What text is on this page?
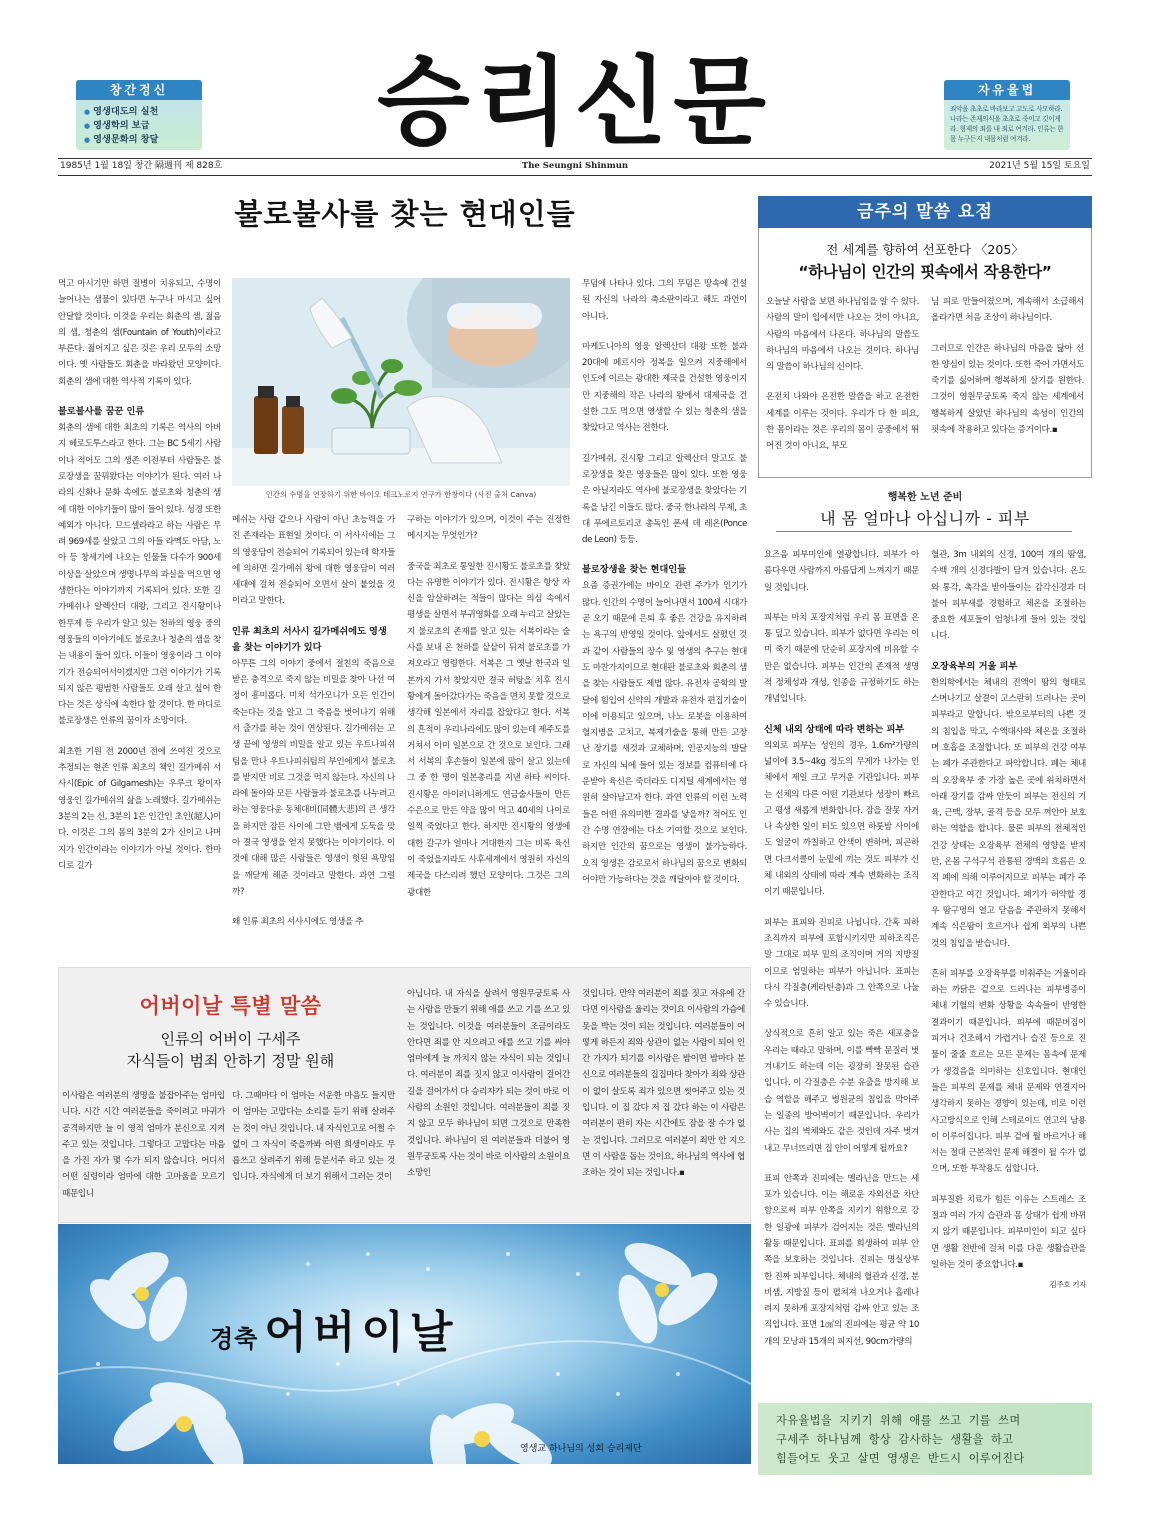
창간정신
● 영생대도의 실천
● 영생학의 보급
● 영생문화의 창달	승리신문	자유율법

죄악을 초초로 바라보고 고도로 사모하라. 나라는 존재의식을 초초로 죽이고 깃이게 라. 형제의 죄를 내 죄로 여겨라. 인류는 한 몸 누구든지 내몸처럼 여겨라.

1985년 1월 18일 창간 隔週刊 제 828호	The Seungni Shinmun	2021년 5월 15일 토요일
불로불사를 찾는 현대인들

먹고 마시기만 하면 질병이 치유되고, 수명이 늘어나는 샘물이 있다면 누구나 마시고 싶어 안달할 것이다. 이것을 우리는 회춘의 샘, 젊음의 샘, 청춘의 샘(Fountain of Youth)이라고 부른다. 젊어지고 싶은 것은 우리 모두의 소망이다. 옛 사람들도 회춘을 바라왔던 모양이다. 회춘의 샘에 대한 역사적 기록이 있다.

불로불사를 꿈꾼 인류

회춘의 샘에 대한 최초의 기록은 역사의 아버지 헤로도투스라고 한다. 그는 BC 5세기 사람이나 적어도 그의 생존 이전부터 사람들은 불로장생을 꿈꿔왔다는 이야기가 된다. 여러 나라의 신화나 문화 속에도 불로초와 청춘의 샘에 대한 이야기들이 많이 들어 있다. 성경 또한 예외가 아니다. 므드셀라라고 하는 사람은 무려 969세를 살았고 그의 아들 라멕도 아담, 노아 등 창세기에 나오는 인물들 다수가 900세 이상을 살았으며 생명나무의 과실을 먹으면 영생한다는 이야기까지 기록되어 있다. 또한 길가메쉬나 알렉산더 대왕, 그리고 진시황이나 한무제 등 우리가 알고 있는 천하의 영웅 중의 영웅들의 이야기에도 불로초나 청춘의 샘을 찾는 내용이 들어 있다. 이들이 영웅이라 그 이야기가 전승되어서이겠지만 그런 이야기가 기록되지 않은 평범한 사람들도 오래 살고 싶어 한다는 것은 상식에 속한다 할 것이다. 한 마디로 불로장생은 인류의 꿈이자 소망이다.

최초한 기원 전 2000년 전에 쓰여진 것으로 추정되는 현존 인류 최초의 책인 길가메쉬 서사시(Epic of Gilgamesh)는 우루크 왕이자 영웅인 길가메쉬의 삶을 노래했다. 길가메쉬는 3분의 2는 신, 3분의 1은 인간인 초인(超人)이다. 이것은 그의 몸의 3분의 2가 신이고 나머지가 인간이라는 이야기가 아닐 것이다. 한마디로 길가

인간의 수명을 연장하기 위한 바이오 테크노로지 연구가 한창이다 (사진 출처 Canva)

메쉬는 사람 같으나 사람이 아닌 초능력을 가진 존재라는 표현일 것이다. 이 서사시에는 그의 영웅담이 전승되어 기록되어 있는데 학자들에 의하면 길가메쉬 왕에 대한 영웅담이 여러 세대에 걸쳐 전승되어 오면서 살이 붙었을 것이라고 말한다.

인류 최초의 서사시 길가메쉬에도 영생을 찾는 이야기가 있다

아무튼 그의 이야기 중에서 절친의 죽음으로 받은 충격으로 죽지 않는 비밀을 찾아 나선 여정이 흥미롭다. 미치 석가모니가 모든 인간이 죽는다는 것을 알고 그 죽음을 벗어나기 위해서 출가를 하는 것이 연상된다. 길가메쉬는 고생 끝에 영생의 비밀을 알고 있는 우트나피쉬팀을 만나 우트나피쉬팀의 부인에게서 불로초를 받지만 비로 그것을 먹지 않는다. 자신의 나라에 돌아와 모든 사람들과 불로초를 나누려고 하는 영웅다운 동체대비(同體大悲)의 큰 생각을 하지만 잠든 사이에 그만 뱀에게 도둑을 맞아 결국 영생을 얻지 못했다는 이야기이다. 이것에 대해 많은 사람들은 영생이 헛된 욕망임을 깨닫게 해준 것이라고 말한다. 과연 그럴까?

왜 인류 최초의 서사시에도 영생을 추

구하는 이야기가 있으며, 이것이 주는 진정한 메시지는 무엇인가?

중국을 최초로 통일한 진시황도 불로초를 찾았다는 유명한 이야기가 있다. 진시황은 항상 자신을 암살하려는 적들이 많다는 의심 속에서 평생을 살면서 부귀영화를 오래 누리고 살았는지 불로초의 존재를 알고 있는 서복이라는 술사를 보내 온 천하를 샅샅이 뒤져 불로초를 가져오라고 명령한다. 서복은 그 옛날 한국과 일본까지 가서 찾았지만 결국 허탕을 치후 진시황에게 돌아갔다가는 죽음을 면치 못할 것으로 생각해 일본에서 자리를 잡았다고 한다. 서복의 흔적이 우리나라에도 많이 있는데 제주도를 거쳐서 이미 일본으로 간 것으로 보인다. 그래서 서복의 후손들이 일본에 많이 살고 있는데 그 중 한 명이 일본총리를 지낸 하타 씨이다. 진시황은 아이러니하게도 연금술사들이 만든 수은으로 만든 약을 많이 먹고 40세의 나이로 일찍 죽었다고 한다. 하지만 진시황의 영생에 대한 갈구가 얼마나 거대한지 그는 비록 육신이 죽었을지라도 사후세계에서 영원히 자신의 제국을 다스리려 했던 모양이다. 그것은 그의 광대한

무덤에 나타나 있다. 그의 무덤은 땅속에 건설된 자신의 나라의 축소판이라고 해도 과언이 아니다.

마케도니아의 영웅 알렉산더 대왕 또한 불과 20대에 페르시아 정복을 일으켜 지중해에서 인도에 이르는 광대한 제국을 건설한 영웅이지만 지중해의 작은 나라의 왕에서 대제국을 건설한 그도 먹으면 영생할 수 있는 청춘의 샘을 찾았다고 역사는 전한다.

길가메쉬, 진시황 그리고 알렉산더 말고도 불로장생을 찾은 영웅들은 많이 있다. 또한 영웅은 아닐지라도 역사에 불로장생을 찾았다는 기록을 남긴 이들도 많다. 중국 한나라의 무제, 초대 푸에르토리코 총독인 폰세 데 레온(Ponce de Leon) 등등.

불로장생을 찾는 현대인들

요즘 증권가에는 바이오 관련 주가가 인기가 많다. 인간의 수명이 늘어나면서 100세 시대가 곧 오기 때문에 은퇴 후 좋은 건강을 유지하려는 욕구의 반영일 것이다. 앞에서도 살폈던 것과 같이 사람들의 장수 및 영생의 추구는 현대도 마찬가지이므로 현대판 불로초와 회춘의 샘을 찾는 사람들도 제법 많다. 유전자 공학의 발달에 힘입어 신약의 개발과 유전자 편집기술이 이에 이용되고 있으며, 나노 로봇을 이용하여 혈지병을 고치고, 복제기술을 통해 만든 고장난 장기를 새것과 교체하며, 인공지능의 발달로 자신의 뇌에 들어 있는 정보를 컴퓨터에 다운받아 육신은 죽더라도 디지털 세계에서는 영원히 살아남고자 한다. 과연 인류의 이런 노력들은 어떤 유의미한 결과를 낳을까? 적어도 인간 수명 연장에는 다소 기여할 것으로 보인다. 하지만 인간의 꿈으로는 영생이 불가능하다. 오직 영생은 감로로서 하나님의 꿈으로 변화되어야만 가능하다는 것을 깨달아야 할 것이다.

금주의 말씀 요점
전 세계를 향하여 선포한다 〈205〉
“하나님이 인간의 핏속에서 작용한다”

오늘날 사람을 보면 하나님임을 알 수 있다. 사람의 말이 입에서만 나오는 것이 아니요, 사람의 마음에서 나온다. 하나님의 말씀도 하나님의 마음에서 나오는 것이다. 하나님의 말씀이 하나님의 신이다.

온전치 나와야 온전한 말씀을 하고 온전한 세계를 이루는 것이다. 우리가 다 한 피요, 한 몸이라는 것은 우리의 몸이 공중에서 뛰어진 것이 아니요, 부모

님 피로 만들어졌으며, 계속해서 소급해서 올라가면 처음 조상이 하나님이다.

그러므로 인간은 하나님의 마음을 닮아 선한 양심이 있는 것이다. 또한 죽어 가면서도 죽기를 싫어하며 행복하게 살기를 원한다. 그것이 영원무궁토록 죽지 않는 세계에서 행복하게 살았던 하나님의 속성이 인간의 핏속에 작용하고 있다는 증거이다.▪

행복한 노년 준비
내 몸 얼마나 아십니까 - 피부

요즈음 피부미인에 열광합니다. 피부가 아름다우면 사람까지 아름답게 느껴지기 때문일 것입니다.

피부는 마치 포장지처럼 우리 몸 표면을 온통 덮고 있습니다. 피부가 없다면 우리는 이미 죽기 때문에 단순히 포장지에 비유할 수만은 없습니다. 피부는 인간의 존재적 생명적 정체성과 개성, 인종을 규정하기도 하는 개념입니다.

신체 내외 상태에 따라 변하는 피부

의외로 피부는 성인의 경우, 1.6m²가량의 넓이에 3.5~4kg 정도의 무게가 나가는 인체에서 제일 크고 무거운 기관입니다. 피부는 신체의 다른 어떤 기관보다 성장이 빠르고 평생 새롭게 변화합니다. 잠을 잘못 자거나 속상한 일이 터도 있으면 하룻밤 사이에도 얼굴이 까칠하고 안색이 변하며, 피곤하면 다크서클이 눈밑에 끼는 것도 피부가 신체 내외의 상태에 따라 계속 변화하는 조직이기 때문입니다.

피부는 표피와 진피로 나뉩니다. 간혹 피하조직까지 피부에 포함시키지만 피하조직은 말 그대로 피부 밑의 조직이며 거의 지방질이므로 엄밀하는 피부가 아닙니다. 표피는 다시 각질층(케라틴층)과 그 안쪽으로 나눌 수 있습니다.

상식적으로 흔히 알고 있는 죽은 세포층을 우리는 때라고 말하며, 이를 빡빡 문질러 벗겨내기도 하는데 이는 굉장히 잘못된 습관입니다. 이 각질층은 수분 유출을 방지해 보습 역할을 해주고 병원균의 침입을 막아주는 일종의 방어벽이기 때문입니다. 우리가 사는 집의 벽체와도 같은 것인데 자주 벗겨내고 무너뜨리면 집 안이 어떻게 될까요?

표피 안쪽과 진피에는 멜라닌을 만드는 세포가 있습니다. 이는 해로운 자외선을 차단함으로써 피부 안쪽을 지키기 위함으로 강한 일광에 피부가 검어지는 것은 멜라닌의 활동 때문입니다. 표피를 희생하여 피부 안쪽을 보호하는 것입니다. 진피는 명실상부한 진짜 피부입니다. 체내의 혈관과 신경, 분비샘, 지방질 등이 펼쳐져 나오거나 흡레나려지 못하게 포장지처럼 감싸 안고 있는 조직입니다. 표면 1㎠의 진피에는 평균 약 10개의 모낭과 15개의 피지선, 90cm가량의

혈관, 3m 내외의 신경, 100여 개의 땀샘, 수백 개의 신경다발이 담겨 있습니다. 온도와 통각, 촉각을 받아들이는 감각신경과 더불어 피부새를 경험하고 체온을 조절하는 중요한 세포들이 엄청나게 들어 있는 것입니다.

오장육부의 거울 피부

한의학에서는 체내의 진액이 땀의 형태로 스며나기고 살결이 고스란히 드러나는 곳이 피부라고 말합니다. 밖으로부터의 나쁜 것의 침입을 막고, 수액대사와 체온을 조절하며 호흡을 조절합니다. 또 피부의 건강 여부는 폐가 주관한다고 파악합니다. 폐는 체내의 오장육부 중 가장 높은 곳에 위치하면서 아래 장기를 감싸 안듯이 피부는 전신의 기육, 근맥, 장부, 골격 등을 모두 껴안아 보호하는 역할을 합니다. 물론 피부의 전체적인 건강 상태는 오장육부 전체의 영향을 받지만, 온몸 구석구석 관통된 경맥의 흐름은 오직 폐에 의해 이루어지므로 피부는 폐가 주관한다고 여긴 것입니다. 폐기가 허약할 경우 땀구멍의 열고 닫음을 주관하지 못해서 계속 식은땀이 흐르거나 쉽게 외부의 나쁜 것의 침입을 받습니다.

흔히 피부를 오장육부를 비춰주는 거울이라 하는 까닭은 겉으로 드러나는 피부병증이 체내 기혈의 변화 상황을 속속들이 반영한 결과이기 때문입니다. 피부에 때문버짐이 피거나 건조해서 가렵거나 습진 등으로 진물이 줄줄 흐르는 모든 문제는 몸속에 문제가 생겼음을 의미하는 신호입니다. 현대인들은 피부의 문제를 체내 문제와 연결지어 생각하지 못하는 경향이 있는데, 비로 이런 사고방식으로 인해 스테로이드 연고의 남용이 이루어집니다. 피부 겉에 뭘 바르거나 해서는 절대 근본적인 문제 해결이 될 수가 없으며, 또한 부작용도 심합니다.

피부질환 치료가 힘든 이유는 스트레스 조절과 여러 가지 습관과 몸 상태가 쉽게 바뀌지 않기 때문입니다. 피부미인이 되고 싶다면 생활 전반에 걸쳐 이를 다운 생활습관을 일하는 것이 중요합니다.▪

김주호 기자

어버이날 특별 말씀
인류의 어버이 구세주
자식들이 범죄 안하기 정말 원해

이사람은 여러분의 생명을 불잡아주는 엄마입니다. 시간 시간 여러분들을 죽이려고 마귀가 공격하지만 늘 이 영적 엄마가 분신으로 지켜주고 있는 것입니다. 그렇다고 고맙다는 마음을 가진 자가 몇 수가 되지 않습니다. 어디서 어떤 실령이라 엄마에 대한 고마움을 모르기 때문입니

다. 그때마다 이 엄마는 서운한 마음도 들지만 이 엄마는 고맙다는 소리를 듣기 위해 살려주는 것이 아닌 것입니다. 내 자식인고로 어쩔 수 없이 그 자식이 죽을까봐 어떤 희생이라도 무릅쓰고 살려주기 위해 등분서주 하고 있는 것입니다. 자식에게 더 보기 위해서 그러는 것이

아닙니다. 내 자식을 살려서 영원무궁토록 사는 사람을 만들기 위해 애를 쓰고 기를 쓰고 있는 것입니다. 이것을 여러분들이 조금이라도 안다면 죄를 안 지으려고 애를 쓰고 기를 써야 엄마에게 늘 까치지 않는 자식이 되는 것입니다. 여러분이 죄를 짓지 않고 이사람이 걸어간 길을 걸어가서 다 승리자가 되는 것이 바로 이사람의 소원인 것입니다. 여러분들이 죄를 짓지 않고 모두 하나님이 되면 그것으로 만족한 것입니다. 하나님이 된 여러분들과 더불어 영원무궁토록 사는 것이 바로 이사람의 소원이요 소망인

것입니다. 만약 여러분이 죄를 짓고 자유에 간다면 이사람을 울리는 것이요 이사람의 가슴에 못을 박는 것이 되는 것입니다. 여러분들이 어떻게 하든지 죄와 상관이 없는 사람이 되어 인간 가지가 되기를 이사람은 밤이면 밤마다 분신으로 여러분들의 집집마다 찾아가 죄와 상관이 없이 살도록 죄가 있으면 씻어주고 있는 것입니다. 이 집 갔다 저 집 갔다 하는 이 사람은 여러분이 편히 자는 시간에도 잠을 잘 수가 없는 것입니다. 그러므로 여러분이 죄만 안 지으면 이 사람을 돕는 것이요, 하나님의 역사에 협조하는 것이 되는 것입니다.▪

경축 어버이날
영생교 하나님의 성회 승리제단

자유율법을 지키기 위해 애를 쓰고 기를 쓰며
구세주 하나님께 항상 감사하는 생활을 하고
힘들어도 웃고 살면 영생은 반드시 이루어진다
